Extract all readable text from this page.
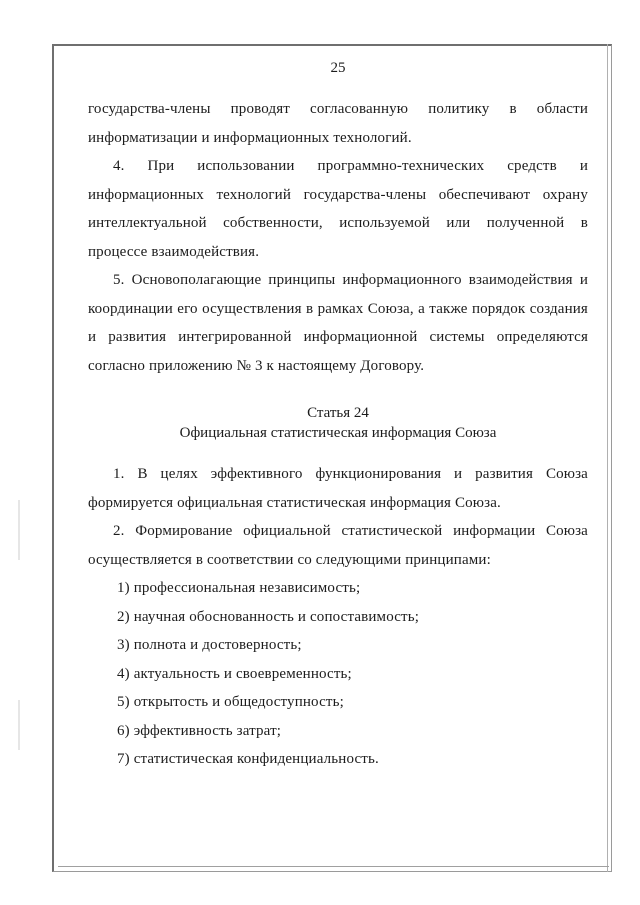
25

государства-члены проводят согласованную политику в области информатизации и информационных технологий.

4. При использовании программно-технических средств и информационных технологий государства-члены обеспечивают охрану интеллектуальной собственности, используемой или полученной в процессе взаимодействия.

5. Основополагающие принципы информационного взаимодействия и координации его осуществления в рамках Союза, а также порядок создания и развития интегрированной информационной системы определяются согласно приложению № 3 к настоящему Договору.

Статья 24
Официальная статистическая информация Союза

1. В целях эффективного функционирования и развития Союза формируется официальная статистическая информация Союза.

2. Формирование официальной статистической информации Союза осуществляется в соответствии со следующими принципами:

1) профессиональная независимость;

2) научная обоснованность и сопоставимость;

3) полнота и достоверность;

4) актуальность и своевременность;

5) открытость и общедоступность;

6) эффективность затрат;

7) статистическая конфиденциальность.
